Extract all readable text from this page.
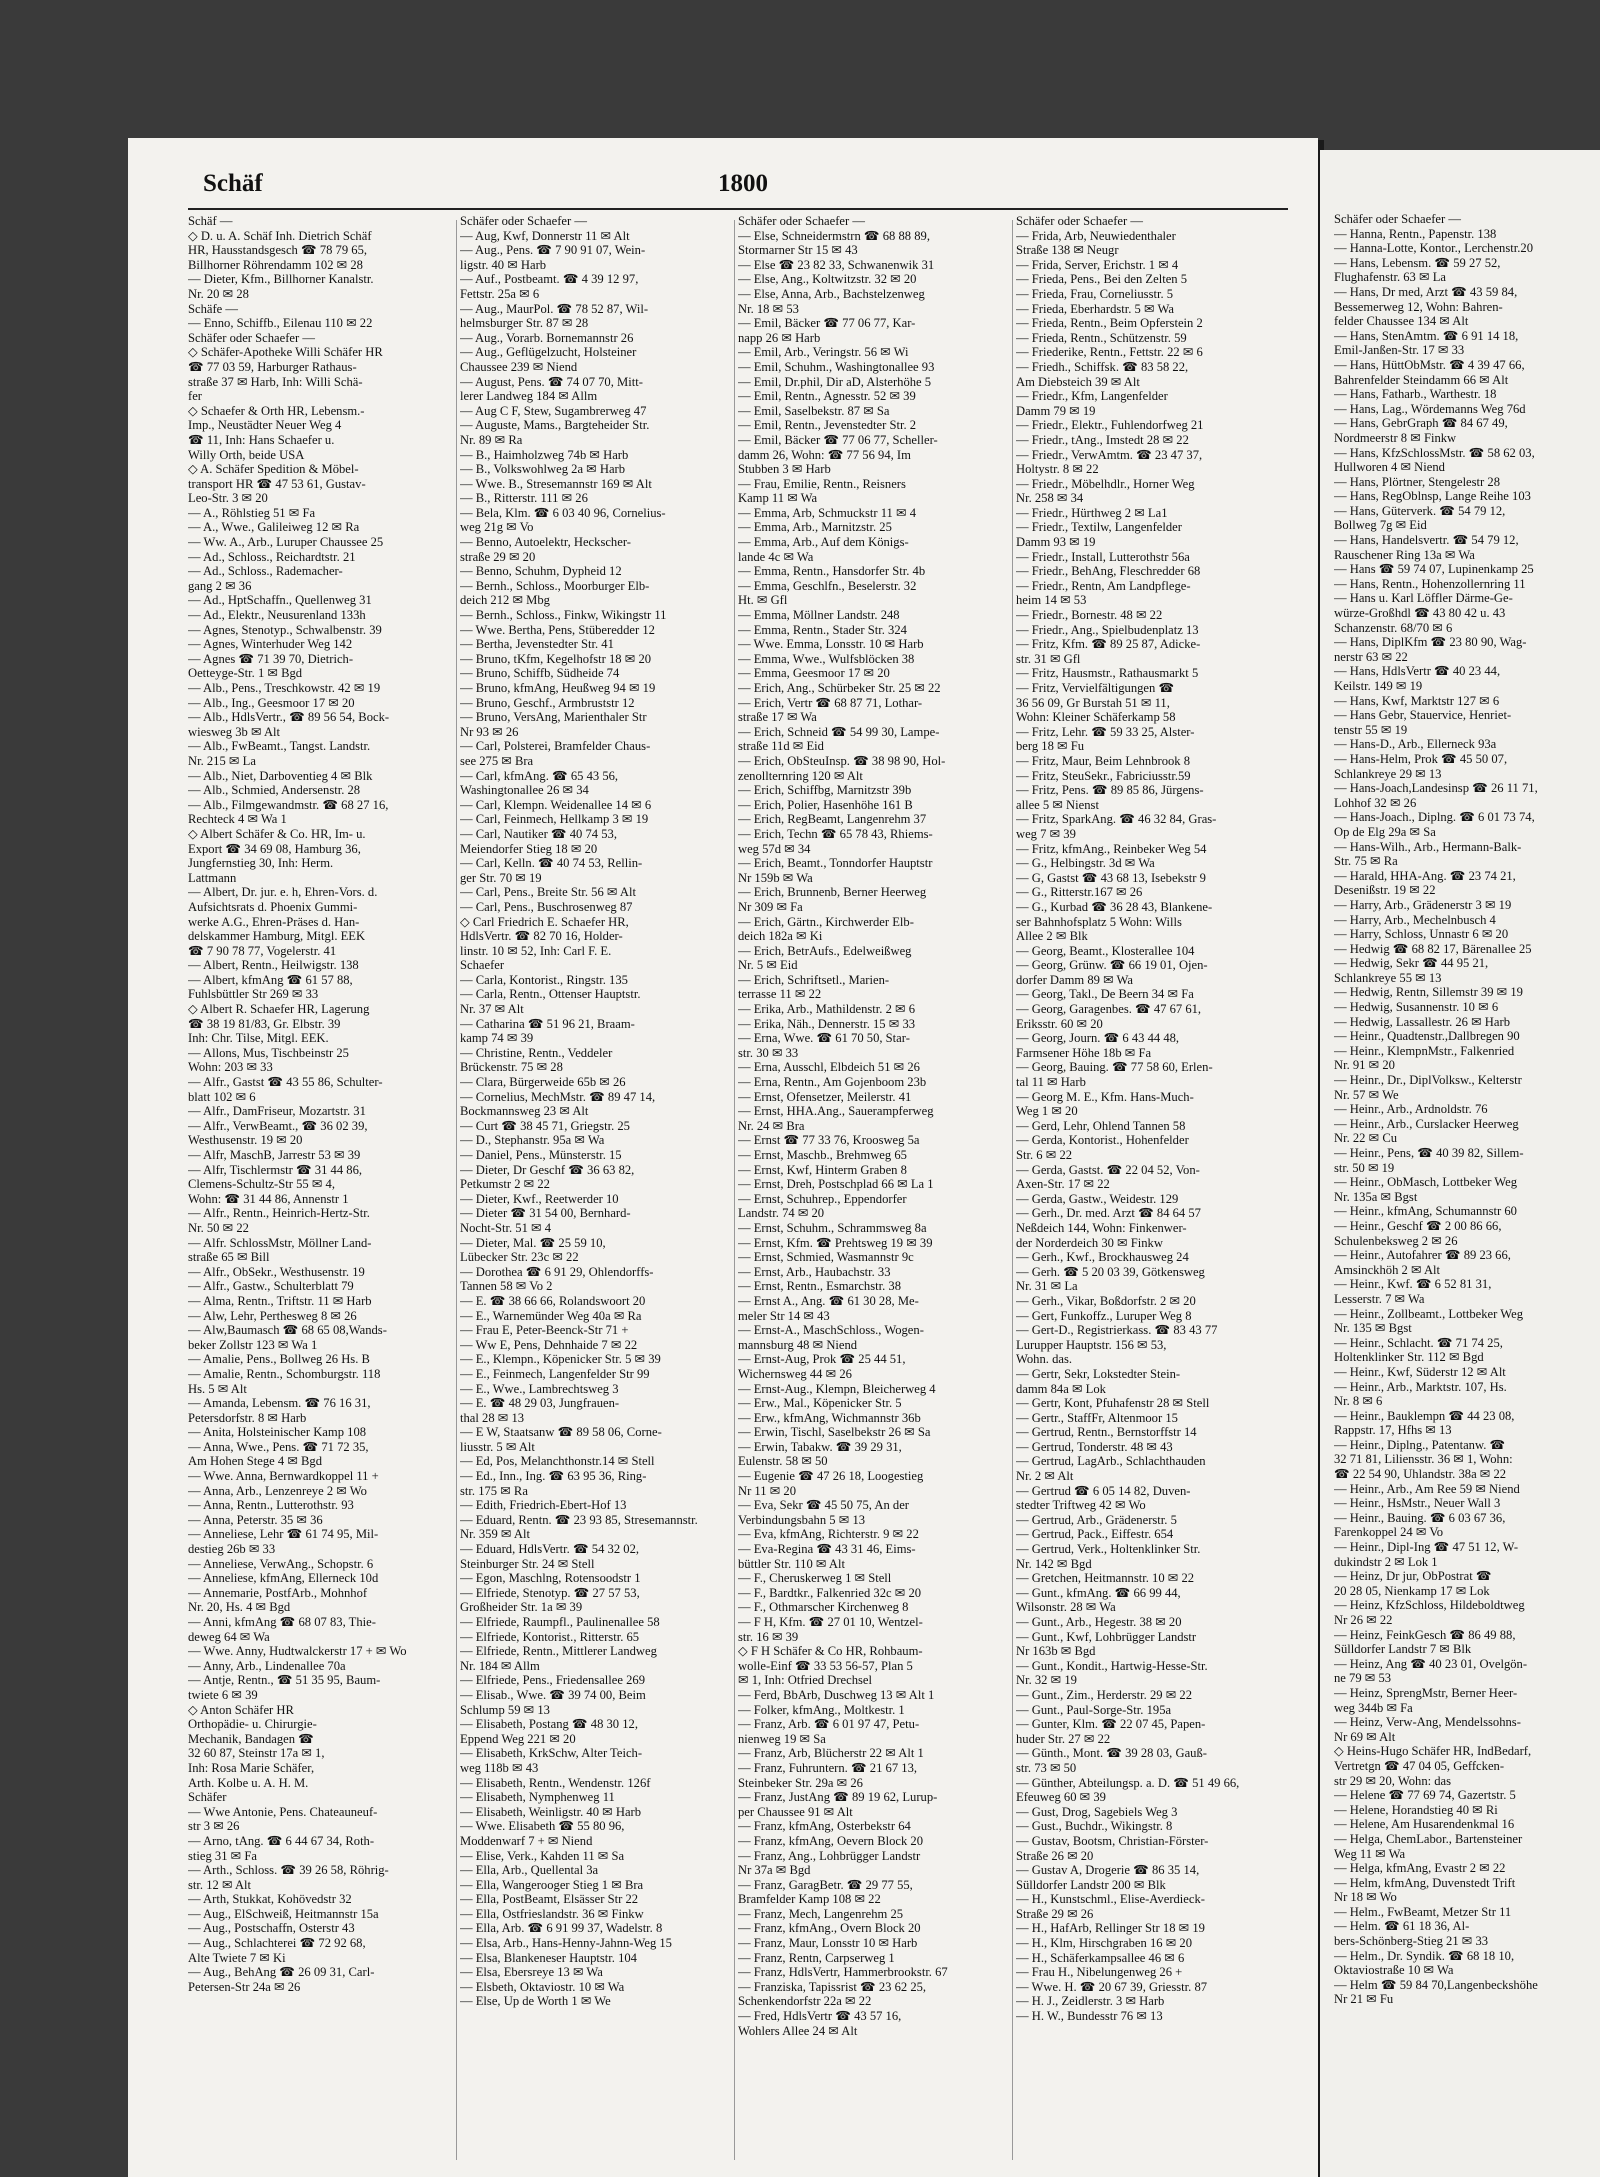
Schäf	1800
Schäf —
◇ D. u. A. Schäf Inh. Dietrich Schäf
HR, Hausstandsgesch ☎ 78 79 65,
Billhorner Röhrendamm 102 ✉ 28
— Dieter, Kfm., Billhorner Kanalstr.
Nr. 20 ✉ 28
Schäfe —
— Enno, Schiffb., Eilenau 110 ✉ 22
Schäfer oder Schaefer —
◇ Schäfer-Apotheke Willi Schäfer HR
☎ 77 03 59, Harburger Rathaus-
straße 37 ✉ Harb, Inh: Willi Schä-
fer
◇ Schaefer & Orth HR, Lebensm.-
Imp., Neustädter Neuer Weg 4
☎ 11, Inh: Hans Schaefer u.
Willy Orth, beide USA
◇ A. Schäfer Spedition & Möbel-
transport HR ☎ 47 53 61, Gustav-
Leo-Str. 3 ✉ 20
— A., Röhlstieg 51 ✉ Fa
— A., Wwe., Galileiweg 12 ✉ Ra
— Ww. A., Arb., Luruper Chaussee 25
— Ad., Schloss., Reichardtstr. 21
— Ad., Schloss., Rademacher-
gang 2 ✉ 36
— Ad., HptSchaffn., Quellenweg 31
— Ad., Elektr., Neusurenland 133h
— Agnes, Stenotyp., Schwalbenstr. 39
— Agnes, Winterhuder Weg 142
— Agnes ☎ 71 39 70, Dietrich-
Oetteyge-Str. 1 ✉ Bgd
— Alb., Pens., Treschkowstr. 42 ✉ 19
— Alb., Ing., Geesmoor 17 ✉ 20
— Alb., HdlsVertr., ☎ 89 56 54, Bock-
wiesweg 3b ✉ Alt
— Alb., FwBeamt., Tangst. Landstr.
Nr. 215 ✉ La
— Alb., Niet, Darboventieg 4 ✉ Blk
— Alb., Schmied, Andersenstr. 28
— Alb., Filmgewandmstr. ☎ 68 27 16,
Rechteck 4 ✉ Wa 1
◇ Albert Schäfer & Co. HR, Im- u.
Export ☎ 34 69 08, Hamburg 36,
Jungfernstieg 30, Inh: Herm.
Lattmann
— Albert, Dr. jur. e. h, Ehren-Vors. d.
Aufsichtsrats d. Phoenix Gummi-
werke A.G., Ehren-Präses d. Han-
delskammer Hamburg, Mitgl. EEK
☎ 7 90 78 77, Vogelerstr. 41
— Albert, Rentn., Heilwigstr. 138
— Albert, kfmAng ☎ 61 57 88,
Fuhlsbüttler Str 269 ✉ 33
◇ Albert R. Schaefer HR, Lagerung
☎ 38 19 81/83, Gr. Elbstr. 39
Inh: Chr. Tilse, Mitgl. EEK.
— Allons, Mus, Tischbeinstr 25
Wohn: 203 ✉ 33
— Alfr., Gastst ☎ 43 55 86, Schulter-
blatt 102 ✉ 6
— Alfr., DamFriseur, Mozartstr. 31
— Alfr., VerwBeamt., ☎ 36 02 39,
Westhusenstr. 19 ✉ 20
— Alfr, MaschB, Jarrestr 53 ✉ 39
— Alfr, Tischlermstr ☎ 31 44 86,
Clemens-Schultz-Str 55 ✉ 4,
Wohn: ☎ 31 44 86, Annenstr 1
— Alfr., Rentn., Heinrich-Hertz-Str.
Nr. 50 ✉ 22
— Alfr. SchlossMstr, Möllner Land-
straße 65 ✉ Bill
— Alfr., ObSekr., Westhusenstr. 19
— Alfr., Gastw., Schulterblatt 79
— Alma, Rentn., Triftstr. 11 ✉ Harb
— Alw, Lehr, Perthesweg 8 ✉ 26
— Alw,Baumasch ☎ 68 65 08,Wands-
beker Zollstr 123 ✉ Wa 1
— Amalie, Pens., Bollweg 26 Hs. B
— Amalie, Rentn., Schomburgstr. 118
Hs. 5 ✉ Alt
— Amanda, Lebensm. ☎ 76 16 31,
Petersdorfstr. 8 ✉ Harb
— Anita, Holsteinischer Kamp 108
— Anna, Wwe., Pens. ☎ 71 72 35,
Am Hohen Stege 4 ✉ Bgd
— Wwe. Anna, Bernwardkoppel 11 +
— Anna, Arb., Lenzenreye 2 ✉ Wo
— Anna, Rentn., Lutterothstr. 93
— Anna, Peterstr. 35 ✉ 36
— Anneliese, Lehr ☎ 61 74 95, Mil-
destieg 26b ✉ 33
— Anneliese, VerwAng., Schopstr. 6
— Anneliese, kfmAng, Ellerneck 10d
— Annemarie, PostfArb., Mohnhof
Nr. 20, Hs. 4 ✉ Bgd
— Anni, kfmAng ☎ 68 07 83, Thie-
deweg 64 ✉ Wa
— Wwe. Anny, Hudtwalckerstr 17 + ✉ Wo
— Anny, Arb., Lindenallee 70a
— Antje, Rentn., ☎ 51 35 95, Baum-
twiete 6 ✉ 39
◇ Anton Schäfer HR
Orthopädie- u. Chirurgie-
Mechanik, Bandagen ☎
32 60 87, Steinstr 17a ✉ 1,
Inh: Rosa Marie Schäfer,
Arth. Kolbe u. A. H. M.
Schäfer
— Wwe Antonie, Pens. Chateauneuf-
str 3 ✉ 26
— Arno, tAng. ☎ 6 44 67 34, Roth-
stieg 31 ✉ Fa
— Arth., Schloss. ☎ 39 26 58, Röhrig-
str. 12 ✉ Alt
— Arth, Stukkat, Kohövedstr 32
— Aug., ElSchweiß, Heitmannstr 15a
— Aug., Postschaffn, Osterstr 43
— Aug., Schlachterei ☎ 72 92 68,
Alte Twiete 7 ✉ Ki
— Aug., BehAng ☎ 26 09 31, Carl-
Petersen-Str 24a ✉ 26
Schäfer oder Schaefer —
— Aug, Kwf, Donnerstr 11 ✉ Alt
— Aug., Pens. ☎ 7 90 91 07, Wein-
ligstr. 40 ✉ Harb
— Auf., Postbeamt. ☎ 4 39 12 97,
Fettstr. 25a ✉ 6
— Aug., MaurPol. ☎ 78 52 87, Wil-
helmsburger Str. 87 ✉ 28
— Aug., Vorarb. Bornemannstr 26
— Aug., Geflügelzucht, Holsteiner
Chaussee 239 ✉ Niend
— August, Pens. ☎ 74 07 70, Mitt-
lerer Landweg 184 ✉ Allm
— Aug C F, Stew, Sugambrerweg 47
— Auguste, Mams., Bargteheider Str.
Nr. 89 ✉ Ra
— B., Haimholzweg 74b ✉ Harb
— B., Volkswohlweg 2a ✉ Harb
— Wwe. B., Stresemannstr 169 ✉ Alt
— B., Ritterstr. 111 ✉ 26
— Bela, Klm. ☎ 6 03 40 96, Cornelius-
weg 21g ✉ Vo
— Benno, Autoelektr, Heckscher-
straße 29 ✉ 20
— Benno, Schuhm, Dypheid 12
— Bernh., Schloss., Moorburger Elb-
deich 212 ✉ Mbg
— Bernh., Schloss., Finkw, Wikingstr 11
— Wwe. Bertha, Pens, Stüberedder 12
— Bertha, Jevenstedter Str. 41
— Bruno, tKfm, Kegelhofstr 18 ✉ 20
— Bruno, Schiffb, Südheide 74
— Bruno, kfmAng, Heußweg 94 ✉ 19
— Bruno, Geschf., Armbruststr 12
— Bruno, VersAng, Marienthaler Str
Nr 93 ✉ 26
— Carl, Polsterei, Bramfelder Chaus-
see 275 ✉ Bra
— Carl, kfmAng. ☎ 65 43 56,
Washingtonallee 26 ✉ 34
— Carl, Klempn. Weidenallee 14 ✉ 6
— Carl, Feinmech, Hellkamp 3 ✉ 19
— Carl, Nautiker ☎ 40 74 53,
Meiendorfer Stieg 18 ✉ 20
— Carl, Kelln. ☎ 40 74 53, Rellin-
ger Str. 70 ✉ 19
— Carl, Pens., Breite Str. 56 ✉ Alt
— Carl, Pens., Buschrosenweg 87
◇ Carl Friedrich E. Schaefer HR,
HdlsVertr. ☎ 82 70 16, Holder-
linstr. 10 ✉ 52, Inh: Carl F. E.
Schaefer
— Carla, Kontorist., Ringstr. 135
— Carla, Rentn., Ottenser Hauptstr.
Nr. 37 ✉ Alt
— Catharina ☎ 51 96 21, Braam-
kamp 74 ✉ 39
— Christine, Rentn., Veddeler
Brückenstr. 75 ✉ 28
— Clara, Bürgerweide 65b ✉ 26
— Cornelius, MechMstr. ☎ 89 47 14,
Bockmannsweg 23 ✉ Alt
— Curt ☎ 38 45 71, Griegstr. 25
— D., Stephanstr. 95a ✉ Wa
— Daniel, Pens., Münsterstr. 15
— Dieter, Dr Geschf ☎ 36 63 82,
Petkumstr 2 ✉ 22
— Dieter, Kwf., Reetwerder 10
— Dieter ☎ 31 54 00, Bernhard-
Nocht-Str. 51 ✉ 4
— Dieter, Mal. ☎ 25 59 10,
Lübecker Str. 23c ✉ 22
— Dorothea ☎ 6 91 29, Ohlendorffs-
Tannen 58 ✉ Vo 2
— E. ☎ 38 66 66, Rolandswoort 20
— E., Warnemünder Weg 40a ✉ Ra
— Frau E, Peter-Beenck-Str 71 +
— Ww E, Pens, Dehnhaide 7 ✉ 22
— E., Klempn., Köpenicker Str. 5 ✉ 39
— E., Feinmech, Langenfelder Str 99
— E., Wwe., Lambrechtsweg 3
— E. ☎ 48 29 03, Jungfrauen-
thal 28 ✉ 13
— E W, Staatsanw ☎ 89 58 06, Corne-
liusstr. 5 ✉ Alt
— Ed, Pos, Melanchthonstr.14 ✉ Stell
— Ed., Inn., Ing. ☎ 63 95 36, Ring-
str. 175 ✉ Ra
— Edith, Friedrich-Ebert-Hof 13
— Eduard, Rentn. ☎ 23 93 85, Stresemannstr.
Nr. 359 ✉ Alt
— Eduard, HdlsVertr. ☎ 54 32 02,
Steinburger Str. 24 ✉ Stell
— Egon, Maschlng, Rotensoodstr 1
— Elfriede, Stenotyp. ☎ 27 57 53,
Großheider Str. 1a ✉ 39
— Elfriede, Raumpfl., Paulinenallee 58
— Elfriede, Kontorist., Ritterstr. 65
— Elfriede, Rentn., Mittlerer Landweg
Nr. 184 ✉ Allm
— Elfriede, Pens., Friedensallee 269
— Elisab., Wwe. ☎ 39 74 00, Beim
Schlump 59 ✉ 13
— Elisabeth, Postang ☎ 48 30 12,
Eppend Weg 221 ✉ 20
— Elisabeth, KrkSchw, Alter Teich-
weg 118b ✉ 43
— Elisabeth, Rentn., Wendenstr. 126f
— Elisabeth, Nymphenweg 11
— Elisabeth, Weinligstr. 40 ✉ Harb
— Wwe. Elisabeth ☎ 55 80 96,
Moddenwarf 7 + ✉ Niend
— Elise, Verk., Kahden 11 ✉ Sa
— Ella, Arb., Quellental 3a
— Ella, Wangerooger Stieg 1 ✉ Bra
— Ella, PostBeamt, Elsässer Str 22
— Ella, Ostfrieslandstr. 36 ✉ Finkw
— Ella, Arb. ☎ 6 91 99 37, Wadelstr. 8
— Elsa, Arb., Hans-Henny-Jahnn-Weg 15
— Elsa, Blankeneser Hauptstr. 104
— Elsa, Ebersreye 13 ✉ Wa
— Elsbeth, Oktaviostr. 10 ✉ Wa
— Else, Up de Worth 1 ✉ We
Schäfer oder Schaefer —
— Else, Schneidermstrn ☎ 68 88 89,
Stormarner Str 15 ✉ 43
— Else ☎ 23 82 33, Schwanenwik 31
— Else, Ang., Koltwitzstr. 32 ✉ 20
— Else, Anna, Arb., Bachstelzenweg
Nr. 18 ✉ 53
— Emil, Bäcker ☎ 77 06 77, Kar-
napp 26 ✉ Harb
— Emil, Arb., Veringstr. 56 ✉ Wi
— Emil, Schuhm., Washingtonallee 93
— Emil, Dr.phil, Dir aD, Alsterhöhe 5
— Emil, Rentn., Agnesstr. 52 ✉ 39
— Emil, Saselbekstr. 87 ✉ Sa
— Emil, Rentn., Jevenstedter Str. 2
— Emil, Bäcker ☎ 77 06 77, Scheller-
damm 26, Wohn: ☎ 77 56 94, Im
Stubben 3 ✉ Harb
— Frau, Emilie, Rentn., Reisners
Kamp 11 ✉ Wa
— Emma, Arb, Schmuckstr 11 ✉ 4
— Emma, Arb., Marnitzstr. 25
— Emma, Arb., Auf dem Königs-
lande 4c ✉ Wa
— Emma, Rentn., Hansdorfer Str. 4b
— Emma, Geschlfn., Beselerstr. 32
Ht. ✉ Gfl
— Emma, Möllner Landstr. 248
— Emma, Rentn., Stader Str. 324
— Wwe. Emma, Lonsstr. 10 ✉ Harb
— Emma, Wwe., Wulfsblöcken 38
— Emma, Geesmoor 17 ✉ 20
— Erich, Ang., Schürbeker Str. 25 ✉ 22
— Erich, Vertr ☎ 68 87 71, Lothar-
straße 17 ✉ Wa
— Erich, Schneid ☎ 54 99 30, Lampe-
straße 11d ✉ Eid
— Erich, ObSteuInsp. ☎ 38 98 90, Hol-
zenollternring 120 ✉ Alt
— Erich, Schiffbg, Marnitzstr 39b
— Erich, Polier, Hasenhöhe 161 B
— Erich, RegBeamt, Langenrehm 37
— Erich, Techn ☎ 65 78 43, Rhiems-
weg 57d ✉ 34
— Erich, Beamt., Tonndorfer Hauptstr
Nr 159b ✉ Wa
— Erich, Brunnenb, Berner Heerweg
Nr 309 ✉ Fa
— Erich, Gärtn., Kirchwerder Elb-
deich 182a ✉ Ki
— Erich, BetrAufs., Edelweißweg
Nr. 5 ✉ Eid
— Erich, Schriftsetl., Marien-
terrasse 11 ✉ 22
— Erika, Arb., Mathildenstr. 2 ✉ 6
— Erika, Näh., Dennerstr. 15 ✉ 33
— Erna, Wwe. ☎ 61 70 50, Star-
str. 30 ✉ 33
— Erna, Ausschl, Elbdeich 51 ✉ 26
— Erna, Rentn., Am Gojenboom 23b
— Ernst, Ofensetzer, Meilerstr. 41
— Ernst, HHA.Ang., Sauerampferweg
Nr. 24 ✉ Bra
— Ernst ☎ 77 33 76, Kroosweg 5a
— Ernst, Maschb., Brehmweg 65
— Ernst, Kwf, Hinterm Graben 8
— Ernst, Dreh, Postschplad 66 ✉ La 1
— Ernst, Schuhrep., Eppendorfer
Landstr. 74 ✉ 20
— Ernst, Schuhm., Schrammsweg 8a
— Ernst, Kfm. ☎ Prehtsweg 19 ✉ 39
— Ernst, Schmied, Wasmannstr 9c
— Ernst, Arb., Haubachstr. 33
— Ernst, Rentn., Esmarchstr. 38
— Ernst A., Ang. ☎ 61 30 28, Me-
meler Str 14 ✉ 43
— Ernst-A., MaschSchloss., Wogen-
mannsburg 48 ✉ Niend
— Ernst-Aug, Prok ☎ 25 44 51,
Wichernsweg 44 ✉ 26
— Ernst-Aug., Klempn, Bleicherweg 4
— Erw., Mal., Köpenicker Str. 5
— Erw., kfmAng, Wichmannstr 36b
— Erwin, Tischl, Saselbekstr 26 ✉ Sa
— Erwin, Tabakw. ☎ 39 29 31,
Eulenstr. 58 ✉ 50
— Eugenie ☎ 47 26 18, Loogestieg
Nr 11 ✉ 20
— Eva, Sekr ☎ 45 50 75, An der
Verbindungsbahn 5 ✉ 13
— Eva, kfmAng, Richterstr. 9 ✉ 22
— Eva-Regina ☎ 43 31 46, Eims-
büttler Str. 110 ✉ Alt
— F., Cheruskerweg 1 ✉ Stell
— F., Bardtkr., Falkenried 32c ✉ 20
— F., Othmarscher Kirchenweg 8
— F H, Kfm. ☎ 27 01 10, Wentzel-
str. 16 ✉ 39
◇ F H Schäfer & Co HR, Rohbaum-
wolle-Einf ☎ 33 53 56-57, Plan 5
✉ 1, Inh: Otfried Drechsel
— Ferd, BbArb, Duschweg 13 ✉ Alt 1
— Folker, kfmAng., Moltkestr. 1
— Franz, Arb. ☎ 6 01 97 47, Petu-
nienweg 19 ✉ Sa
— Franz, Arb, Blücherstr 22 ✉ Alt 1
— Franz, Fuhruntern. ☎ 21 67 13,
Steinbeker Str. 29a ✉ 26
— Franz, JustAng ☎ 89 19 62, Lurup-
per Chaussee 91 ✉ Alt
— Franz, kfmAng, Osterbekstr 64
— Franz, kfmAng, Oevern Block 20
— Franz, Ang., Lohbrügger Landstr
Nr 37a ✉ Bgd
— Franz, GaragBetr. ☎ 29 77 55,
Bramfelder Kamp 108 ✉ 22
— Franz, Mech, Langenrehm 25
— Franz, kfmAng., Overn Block 20
— Franz, Maur, Lonsstr 10 ✉ Harb
— Franz, Rentn, Carpserweg 1
— Franz, HdlsVertr, Hammerbrookstr. 67
— Franziska, Tapissrist ☎ 23 62 25,
Schenkendorfstr 22a ✉ 22
— Fred, HdlsVertr ☎ 43 57 16,
Wohlers Allee 24 ✉ Alt
Schäfer oder Schaefer —
— Frida, Arb, Neuwiedenthaler
Straße 138 ✉ Neugr
— Frida, Server, Erichstr. 1 ✉ 4
— Frieda, Pens., Bei den Zelten 5
— Frieda, Frau, Corneliusstr. 5
— Frieda, Eberhardstr. 5 ✉ Wa
— Frieda, Rentn., Beim Opferstein 2
— Frieda, Rentn., Schützenstr. 59
— Friederike, Rentn., Fettstr. 22 ✉ 6
— Friedh., Schiffsk. ☎ 83 58 22,
Am Diebsteich 39 ✉ Alt
— Friedr., Kfm, Langenfelder
Damm 79 ✉ 19
— Friedr., Elektr., Fuhlendorfweg 21
— Friedr., tAng., Imstedt 28 ✉ 22
— Friedr., VerwAmtm. ☎ 23 47 37,
Holtystr. 8 ✉ 22
— Friedr., Möbelhdlr., Horner Weg
Nr. 258 ✉ 34
— Friedr., Hürthweg 2 ✉ La1
— Friedr., Textilw, Langenfelder
Damm 93 ✉ 19
— Friedr., Install, Lutterothstr 56a
— Friedr., BehAng, Fleschredder 68
— Friedr., Rentn, Am Landpflege-
heim 14 ✉ 53
— Friedr., Bornestr. 48 ✉ 22
— Friedr., Ang., Spielbudenplatz 13
— Fritz, Kfm. ☎ 89 25 87, Adicke-
str. 31 ✉ Gfl
— Fritz, Hausmstr., Rathausmarkt 5
— Fritz, Vervielfältigungen ☎
36 56 09, Gr Burstah 51 ✉ 11,
Wohn: Kleiner Schäferkamp 58
— Fritz, Lehr. ☎ 59 33 25, Alster-
berg 18 ✉ Fu
— Fritz, Maur, Beim Lehnbrook 8
— Fritz, SteuSekr., Fabriciusstr.59
— Fritz, Pens. ☎ 89 85 86, Jürgens-
allee 5 ✉ Nienst
— Fritz, SparkAng. ☎ 46 32 84, Gras-
weg 7 ✉ 39
— Fritz, kfmAng., Reinbeker Weg 54
— G., Helbingstr. 3d ✉ Wa
— G, Gastst ☎ 43 68 13, Isebekstr 9
— G., Ritterstr.167 ✉ 26
— G., Kurbad ☎ 36 28 43, Blankene-
ser Bahnhofsplatz 5 Wohn: Wills
Allee 2 ✉ Blk
— Georg, Beamt., Klosterallee 104
— Georg, Grünw. ☎ 66 19 01, Ojen-
dorfer Damm 89 ✉ Wa
— Georg, Takl., De Beern 34 ✉ Fa
— Georg, Garagenbes. ☎ 47 67 61,
Eriksstr. 60 ✉ 20
— Georg, Journ. ☎ 6 43 44 48,
Farmsener Höhe 18b ✉ Fa
— Georg, Bauing. ☎ 77 58 60, Erlen-
tal 11 ✉ Harb
— Georg M. E., Kfm. Hans-Much-
Weg 1 ✉ 20
— Gerd, Lehr, Ohlend Tannen 58
— Gerda, Kontorist., Hohenfelder
Str. 6 ✉ 22
— Gerda, Gastst. ☎ 22 04 52, Von-
Axen-Str. 17 ✉ 22
— Gerda, Gastw., Weidestr. 129
— Gerh., Dr. med. Arzt ☎ 84 64 57
Neßdeich 144, Wohn: Finkenwer-
der Norderdeich 30 ✉ Finkw
— Gerh., Kwf., Brockhausweg 24
— Gerh. ☎ 5 20 03 39, Götkensweg
Nr. 31 ✉ La
— Gerh., Vikar, Boßdorfstr. 2 ✉ 20
— Gert, Funkoffz., Luruper Weg 8
— Gert-D., Registrierkass. ☎ 83 43 77
Lurupper Hauptstr. 156 ✉ 53,
Wohn. das.
— Gertr, Sekr, Lokstedter Stein-
damm 84a ✉ Lok
— Gertr, Kont, Pfuhafenstr 28 ✉ Stell
— Gertr., StaffFr, Altenmoor 15
— Gertrud, Rentn., Bernstorffstr 14
— Gertrud, Tonderstr. 48 ✉ 43
— Gertrud, LagArb., Schlachthauden
Nr. 2 ✉ Alt
— Gertrud ☎ 6 05 14 82, Duven-
stedter Triftweg 42 ✉ Wo
— Gertrud, Arb., Grädenerstr. 5
— Gertrud, Pack., Eiffestr. 654
— Gertrud, Verk., Holtenklinker Str.
Nr. 142 ✉ Bgd
— Gretchen, Heitmannstr. 10 ✉ 22
— Gunt., kfmAng. ☎ 66 99 44,
Wilsonstr. 28 ✉ Wa
— Gunt., Arb., Hegestr. 38 ✉ 20
— Gunt., Kwf, Lohbrügger Landstr
Nr 163b ✉ Bgd
— Gunt., Kondit., Hartwig-Hesse-Str.
Nr. 32 ✉ 19
— Gunt., Zim., Herderstr. 29 ✉ 22
— Gunt., Paul-Sorge-Str. 195a
— Gunter, Klm. ☎ 22 07 45, Papen-
huder Str. 27 ✉ 22
— Günth., Mont. ☎ 39 28 03, Gauß-
str. 73 ✉ 50
— Günther, Abteilungsp. a. D. ☎ 51 49 66,
Efeuweg 60 ✉ 39
— Gust, Drog, Sagebiels Weg 3
— Gust., Buchdr., Wikingstr. 8
— Gustav, Bootsm, Christian-Förster-
Straße 26 ✉ 20
— Gustav A, Drogerie ☎ 86 35 14,
Sülldorfer Landstr 200 ✉ Blk
— H., Kunstschml., Elise-Averdieck-
Straße 29 ✉ 26
— H., HafArb, Rellinger Str 18 ✉ 19
— H., Klm, Hirschgraben 16 ✉ 20
— H., Schäferkampsallee 46 ✉ 6
— Frau H., Nibelungenweg 26 +
— Wwe. H. ☎ 20 67 39, Griesstr. 87
— H. J., Zeidlerstr. 3 ✉ Harb
— H. W., Bundesstr 76 ✉ 13
Schäfer oder Schaefer —
— Hanna, Rentn., Papenstr. 138
— Hanna-Lotte, Kontor., Lerchenstr.20
— Hans, Lebensm. ☎ 59 27 52,
Flughafenstr. 63 ✉ La
— Hans, Dr med, Arzt ☎ 43 59 84,
Bessemerweg 12, Wohn: Bahren-
felder Chaussee 134 ✉ Alt
— Hans, StenAmtm. ☎ 6 91 14 18,
Emil-Janßen-Str. 17 ✉ 33
— Hans, HüttObMstr. ☎ 4 39 47 66,
Bahrenfelder Steindamm 66 ✉ Alt
— Hans, Fatharb., Warthestr. 18
— Hans, Lag., Wördemanns Weg 76d
— Hans, GebrGraph ☎ 84 67 49,
Nordmeerstr 8 ✉ Finkw
— Hans, KfzSchlossMstr. ☎ 58 62 03,
Hullworen 4 ✉ Niend
— Hans, Plörtner, Stengelestr 28
— Hans, RegOblnsp, Lange Reihe 103
— Hans, Güterverk. ☎ 54 79 12,
Bollweg 7g ✉ Eid
— Hans, Handelsvertr. ☎ 54 79 12,
Rauschener Ring 13a ✉ Wa
— Hans ☎ 59 74 07, Lupinenkamp 25
— Hans, Rentn., Hohenzollernring 11
— Hans u. Karl Löffler Därme-Ge-
würze-Großhdl ☎ 43 80 42 u. 43
Schanzenstr. 68/70 ✉ 6
— Hans, DiplKfm ☎ 23 80 90, Wag-
nerstr 63 ✉ 22
— Hans, HdlsVertr ☎ 40 23 44,
Keilstr. 149 ✉ 19
— Hans, Kwf, Marktstr 127 ✉ 6
— Hans Gebr, Stauervice, Henriet-
tenstr 55 ✉ 19
— Hans-D., Arb., Ellerneck 93a
— Hans-Helm, Prok ☎ 45 50 07,
Schlankreye 29 ✉ 13
— Hans-Joach,Landesinsp ☎ 26 11 71,
Lohhof 32 ✉ 26
— Hans-Joach., Diplng. ☎ 6 01 73 74,
Op de Elg 29a ✉ Sa
— Hans-Wilh., Arb., Hermann-Balk-
Str. 75 ✉ Ra
— Harald, HHA-Ang. ☎ 23 74 21,
Desenißstr. 19 ✉ 22
— Harry, Arb., Grädenerstr 3 ✉ 19
— Harry, Arb., Mechelnbusch 4
— Harry, Schloss, Unnastr 6 ✉ 20
— Hedwig ☎ 68 82 17, Bärenallee 25
— Hedwig, Sekr ☎ 44 95 21,
Schlankreye 55 ✉ 13
— Hedwig, Rentn, Sillemstr 39 ✉ 19
— Hedwig, Susannenstr. 10 ✉ 6
— Hedwig, Lassallestr. 26 ✉ Harb
— Heinr., Quadtenstr.,Dallbregen 90
— Heinr., KlempnMstr., Falkenried
Nr. 91 ✉ 20
— Heinr., Dr., DiplVolksw., Kelterstr
Nr. 57 ✉ We
— Heinr., Arb., Ardnoldstr. 76
— Heinr., Arb., Curslacker Heerweg
Nr. 22 ✉ Cu
— Heinr., Pens, ☎ 40 39 82, Sillem-
str. 50 ✉ 19
— Heinr., ObMasch, Lottbeker Weg
Nr. 135a ✉ Bgst
— Heinr., kfmAng, Schumannstr 60
— Heinr., Geschf ☎ 2 00 86 66,
Schulenbeksweg 2 ✉ 26
— Heinr., Autofahrer ☎ 89 23 66,
Amsinckhöh 2 ✉ Alt
— Heinr., Kwf. ☎ 6 52 81 31,
Lesserstr. 7 ✉ Wa
— Heinr., Zollbeamt., Lottbeker Weg
Nr. 135 ✉ Bgst
— Heinr., Schlacht. ☎ 71 74 25,
Holtenklinker Str. 112 ✉ Bgd
— Heinr., Kwf, Süderstr 12 ✉ Alt
— Heinr., Arb., Marktstr. 107, Hs.
Nr. 8 ✉ 6
— Heinr., Bauklempn ☎ 44 23 08,
Rappstr. 17, Hfhs ✉ 13
— Heinr., Diplng., Patentanw. ☎
32 71 81, Liliensstr. 36 ✉ 1, Wohn:
☎ 22 54 90, Uhlandstr. 38a ✉ 22
— Heinr., Arb., Am Ree 59 ✉ Niend
— Heinr., HsMstr., Neuer Wall 3
— Heinr., Bauing. ☎ 6 03 67 36,
Farenkoppel 24 ✉ Vo
— Heinr., Dipl-Ing ☎ 47 51 12, W-
dukindstr 2 ✉ Lok 1
— Heinz, Dr jur, ObPostrat ☎
20 28 05, Nienkamp 17 ✉ Lok
— Heinz, KfzSchloss, Hildeboldtweg
Nr 26 ✉ 22
— Heinz, FeinkGesch ☎ 86 49 88,
Sülldorfer Landstr 7 ✉ Blk
— Heinz, Ang ☎ 40 23 01, Ovelgön-
ne 79 ✉ 53
— Heinz, SprengMstr, Berner Heer-
weg 344b ✉ Fa
— Heinz, Verw-Ang, Mendelssohns-
Nr 69 ✉ Alt
◇ Heins-Hugo Schäfer HR, IndBedarf,
Vertretgn ☎ 47 04 05, Geffcken-
str 29 ✉ 20, Wohn: das
— Helene ☎ 77 69 74, Gazertstr. 5
— Helene, Horandstieg 40 ✉ Ri
— Helene, Am Husarendenkmal 16
— Helga, ChemLabor., Bartensteiner
Weg 11 ✉ Wa
— Helga, kfmAng, Evastr 2 ✉ 22
— Helm, kfmAng, Duvenstedt Trift
Nr 18 ✉ Wo
— Helm., FwBeamt, Metzer Str 11
— Helm. ☎ 61 18 36, Al-
bers-Schönberg-Stieg 21 ✉ 33
— Helm., Dr. Syndik. ☎ 68 18 10,
Oktaviostraße 10 ✉ Wa
— Helm ☎ 59 84 70,Langenbeckshöhe
Nr 21 ✉ Fu
